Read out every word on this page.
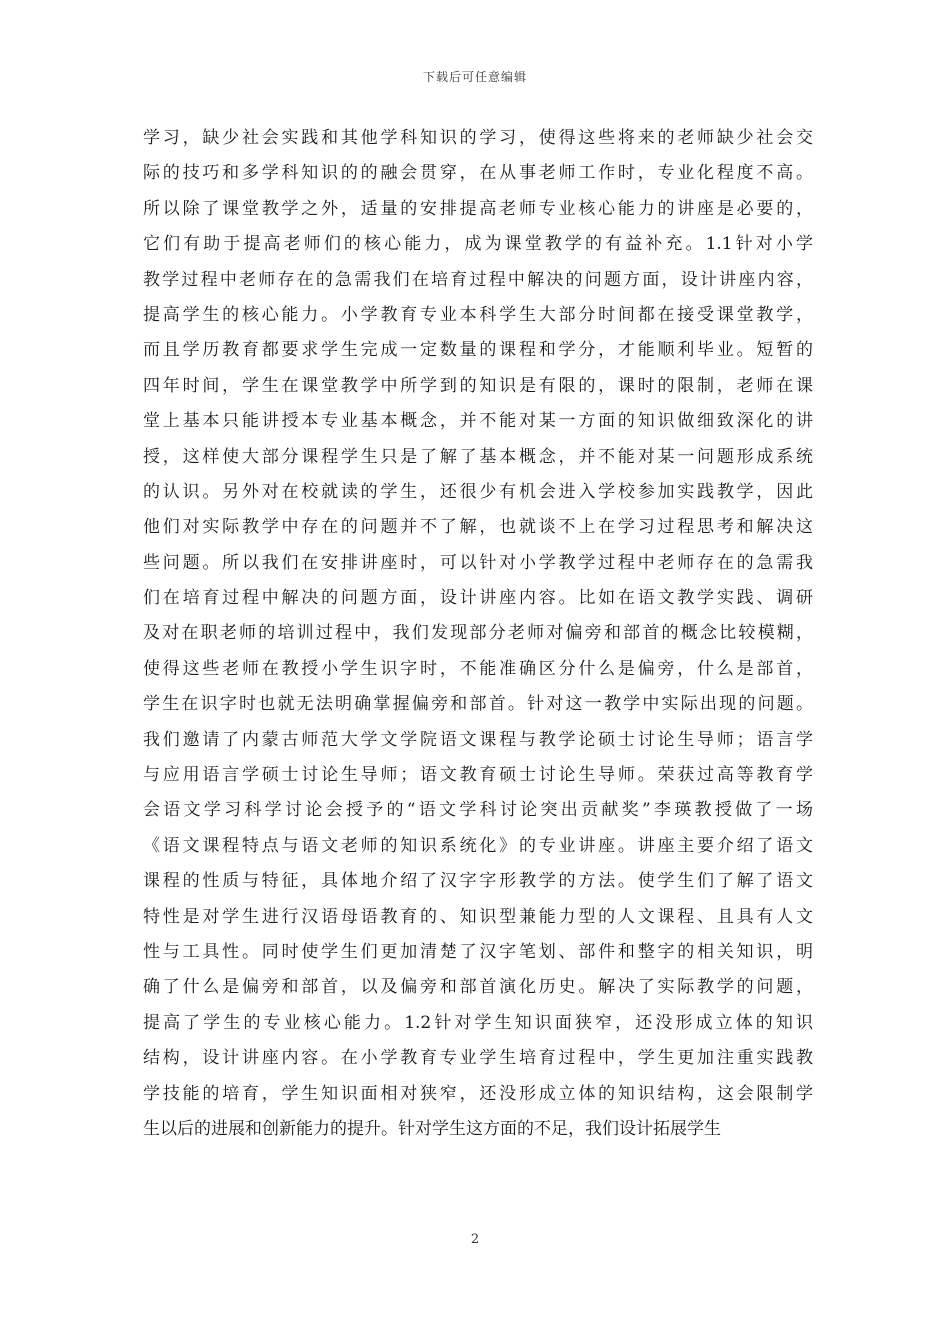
下载后可任意编辑
学习，缺少社会实践和其他学科知识的学习，使得这些将来的老师缺少社会交
际的技巧和多学科知识的的融会贯穿，在从事老师工作时，专业化程度不高。
所以除了课堂教学之外，适量的安排提高老师专业核心能力的讲座是必要的，
它们有助于提高老师们的核心能力，成为课堂教学的有益补充。1.1针对小学
教学过程中老师存在的急需我们在培育过程中解决的问题方面，设计讲座内容，
提高学生的核心能力。小学教育专业本科学生大部分时间都在接受课堂教学，
而且学历教育都要求学生完成一定数量的课程和学分，才能顺利毕业。短暂的
四年时间，学生在课堂教学中所学到的知识是有限的，课时的限制，老师在课
堂上基本只能讲授本专业基本概念，并不能对某一方面的知识做细致深化的讲
授，这样使大部分课程学生只是了解了基本概念，并不能对某一问题形成系统
的认识。另外对在校就读的学生，还很少有机会进入学校参加实践教学，因此
他们对实际教学中存在的问题并不了解，也就谈不上在学习过程思考和解决这
些问题。所以我们在安排讲座时，可以针对小学教学过程中老师存在的急需我
们在培育过程中解决的问题方面，设计讲座内容。比如在语文教学实践、调研
及对在职老师的培训过程中，我们发现部分老师对偏旁和部首的概念比较模糊，
使得这些老师在教授小学生识字时，不能准确区分什么是偏旁，什么是部首，
学生在识字时也就无法明确掌握偏旁和部首。针对这一教学中实际出现的问题。
我们邀请了内蒙古师范大学文学院语文课程与教学论硕士讨论生导师；语言学
与应用语言学硕士讨论生导师；语文教育硕士讨论生导师。荣获过高等教育学
会语文学习科学讨论会授予的“语文学科讨论突出贡献奖”李瑛教授做了一场
《语文课程特点与语文老师的知识系统化》的专业讲座。讲座主要介绍了语文
课程的性质与特征，具体地介绍了汉字字形教学的方法。使学生们了解了语文
特性是对学生进行汉语母语教育的、知识型兼能力型的人文课程、且具有人文
性与工具性。同时使学生们更加清楚了汉字笔划、部件和整字的相关知识，明
确了什么是偏旁和部首，以及偏旁和部首演化历史。解决了实际教学的问题，
提高了学生的专业核心能力。1.2针对学生知识面狭窄，还没形成立体的知识
结构，设计讲座内容。在小学教育专业学生培育过程中，学生更加注重实践教
学技能的培育，学生知识面相对狭窄，还没形成立体的知识结构，这会限制学
生以后的进展和创新能力的提升。针对学生这方面的不足，我们设计拓展学生
2
